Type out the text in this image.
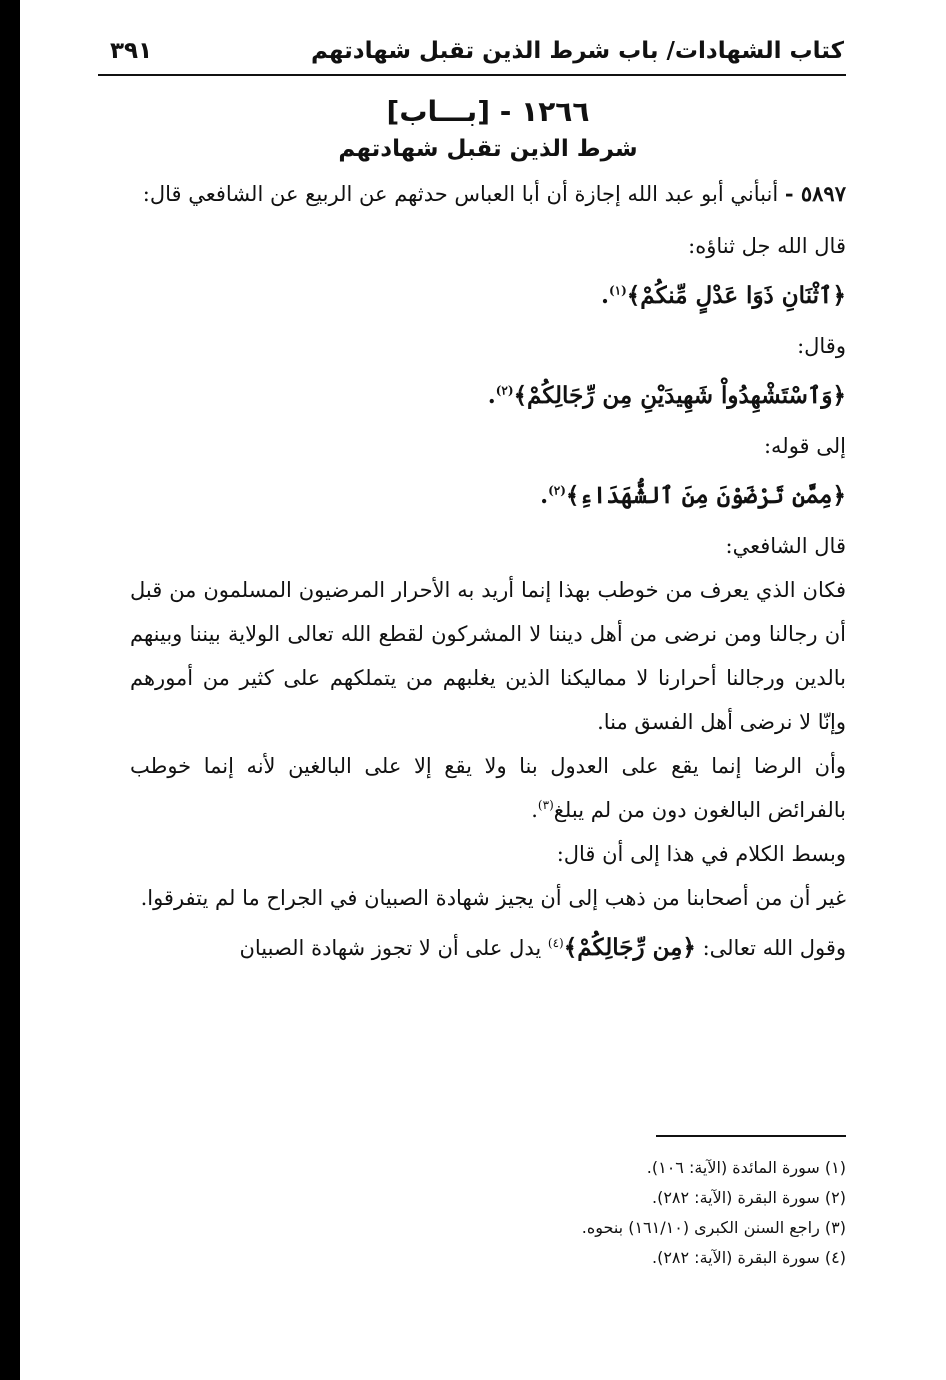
كتاب الشهادات/ باب شرط الذين تقبل شهادتهم
٣٩١
١٢٦٦ - [بـــاب]
شرط الذين تقبل شهادتهم

٥٨٩٧ - أنبأني أبو عبد الله إجازة أن أبا العباس حدثهم عن الربيع عن الشافعي قال:

قال الله جل ثناؤه:

﴿ٱثْنَانِ ذَوَا عَدْلٍ مِّنكُمْ﴾$^{(١)}$.

وقال:

﴿وَٱسْتَشْهِدُواْ شَهِيدَيْنِ مِن رِّجَالِكُمْ﴾$^{(٢)}$.

إلى قوله:

﴿مِمَّن تَرْضَوْنَ مِنَ ٱلشُّهَدَاءِ﴾$^{(٢)}$.

قال الشافعي:

فكان الذي يعرف من خوطب بهذا إنما أريد به الأحرار المرضيون المسلمون من قبل أن رجالنا ومن نرضى من أهل ديننا لا المشركون لقطع الله تعالى الولاية بيننا وبينهم بالدين ورجالنا أحرارنا لا مماليكنا الذين يغلبهم من يتملكهم على كثير من أمورهم وإنّا لا نرضى أهل الفسق منا.

وأن الرضا إنما يقع على العدول بنا ولا يقع إلا على البالغين لأنه إنما خوطب بالفرائض البالغون دون من لم يبلغ$^{(٣)}$.

وبسط الكلام في هذا إلى أن قال:

غير أن من أصحابنا من ذهب إلى أن يجيز شهادة الصبيان في الجراح ما لم يتفرقوا.

وقول الله تعالى: ﴿مِن رِّجَالِكُمْ﴾$^{(٤)}$ يدل على أن لا تجوز شهادة الصبيان

(١) سورة المائدة (الآية: ١٠٦).
(٢) سورة البقرة (الآية: ٢٨٢).
(٣) راجع السنن الكبرى (١٦١/١٠) بنحوه.
(٤) سورة البقرة (الآية: ٢٨٢).
